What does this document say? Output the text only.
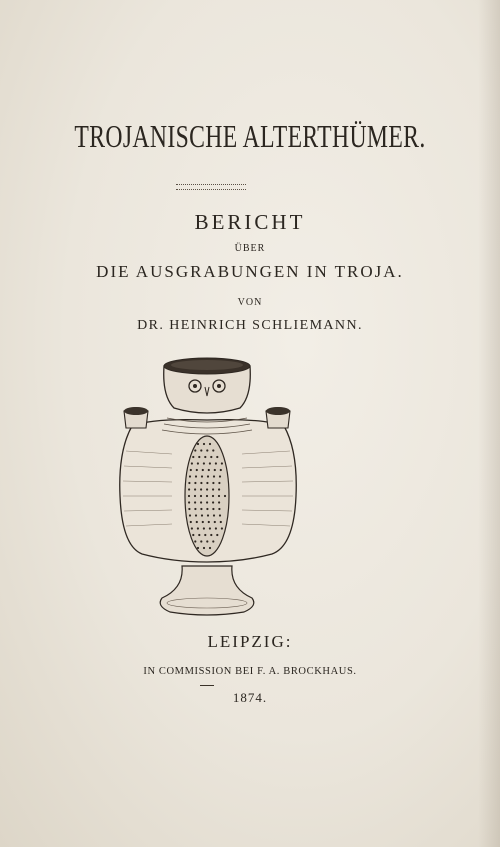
TROJANISCHE ALTERTHÜMER.
BERICHT
ÜBER
DIE AUSGRABUNGEN IN TROJA.
VON
DR. HEINRICH SCHLIEMANN.
LEIPZIG:
IN COMMISSION BEI F. A. BROCKHAUS.
1874.
